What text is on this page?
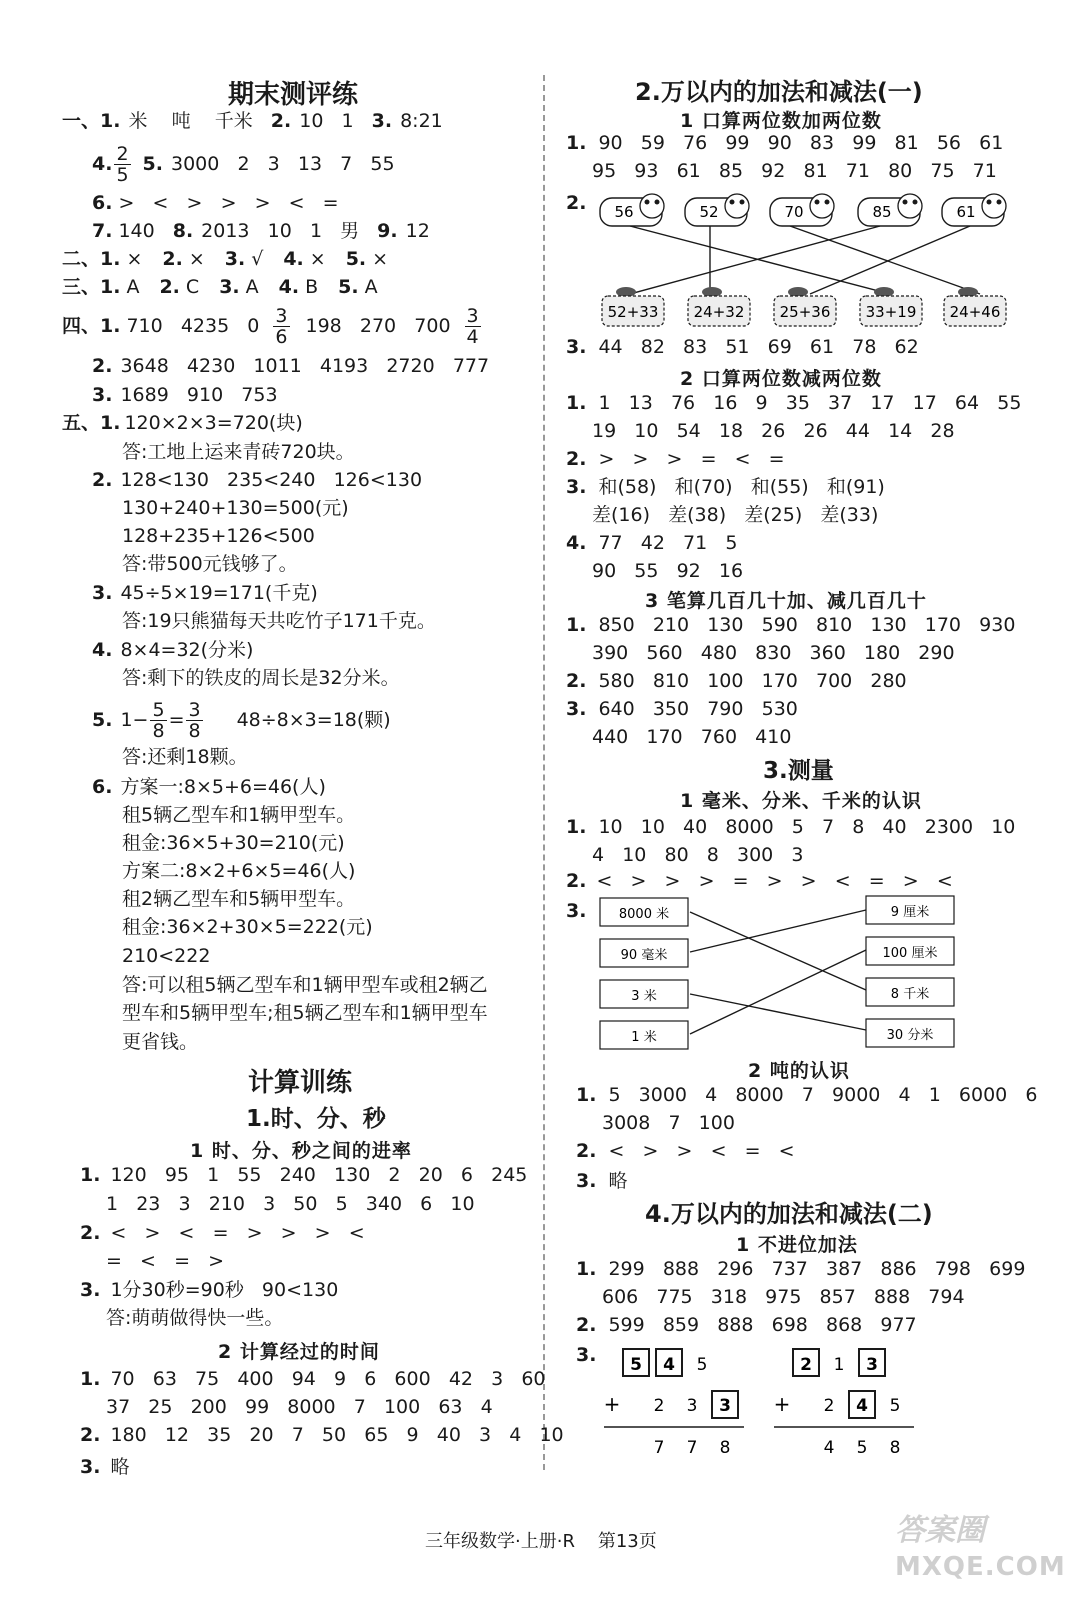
期末测评练
一、1. 米    吨    千米 2. 10   1 3. 8:21
4. $\frac{2}{5} 5$. 3000   2   3   13   7   55
6. >   <   >   >   >   <   =
7. 140 8. 2013   10   1   男 9. 12
二、1. × 2. × 3. √ 4. × 5. ×
三、1. A 2. C 3. A 4. B 5. A
四、1. 710   4235   $0 \frac{3}{6} 198$   270   $700 \frac{3}{4}$
2. 3648   4230   1011   4193   2720   777
3. 1689   910   753
五、1. 120×2×3=720(块)
答:工地上运来青砖720块。
2. 128<130   235<240   126<130
130+240+130=500(元)
128+235+126<500
答:带500元钱够了。
3. 45÷5×19=171(千克)
答:19只熊猫每天共吃竹子171千克。
4. 8×4=32(分米)
答:剩下的铁皮的周长是32分米。
5. $1- \frac{5}{8} = \frac{3}{8} 48\div 8\times 3=18$(颗)
答:还剩18颗。
6. 方案一:8×5+6=46(人)
租5辆乙型车和1辆甲型车。
租金:36×5+30=210(元)
方案二:8×2+6×5=46(人)
租2辆乙型车和5辆甲型车。
租金:36×2+30×5=222(元)
210<222
答:可以租5辆乙型车和1辆甲型车或租2辆乙
型车和5辆甲型车;租5辆乙型车和1辆甲型车
更省钱。
计算训练
1.时、分、秒
1 时、分、秒之间的进率
1. 120   95   1   55   240   130   2   20   6   245
1   23   3   210   3   50   5   340   6   10
2. <   >   <   =   >   >   >   <
=   <   =   >
3. 1分30秒=90秒   90<130
答:萌萌做得快一些。
2 计算经过的时间
1. 70   63   75   400   94   9   6   600   42   3   60
37   25   200   99   8000   7   100   63   4
2. 180   12   35   20   7   50   65   9   40   3   4   10
3. 略
2.万以内的加法和减法(一)
1 口算两位数加两位数
1. 90   59   76   99   90   83   99   81   56   61
95   93   61   85   92   81   71   80   75   71
2. 56	52	70	85	61
52+33 24+32 25+36 33+19 24+46
3. 44   82   83   51   69   61   78   62
2 口算两位数减两位数
1. 1   13   76   16   9   35   37   17   17   64   55
19   10   54   18   26   26   44   14   28
2. >   >   >   =   <   =
3. 和(58)   和(70)   和(55)   和(91)
差(16)   差(38)   差(25)   差(33)
4. 77   42   71   5
90   55   92   16
3 笔算几百几十加、减几百几十
1. 850   210   130   590   810   130   170   930
390   560   480   830   360   180   290
2. 580   810   100   170   700   280
3. 640   350   790   530
440   170   760   410
3.测量
1 毫米、分米、千米的认识
1. 10   10   40   8000   5   7   8   40   2300   10
4   10   80   8   300   3
2. <   >   >   >   =   >   >   <   =   >   <
3. 8000 米
90 毫米
3 米
1 米
9 厘米
100 厘米
8 千米
30 分米
2 吨的认识
1. 5   3000   4   8000   7   9000   4   1   6000   6
3008   7   100
2. <   >   >   <   =   <
3. 略
4.万以内的加法和减法(二)
1 不进位加法
1. 299   888   296   737   387   886   798   699
606   775   318   975   857   888   794
2. 599   859   888   698   868   977
3. 5 4 5
+ 2 3 3
7 7 8
2 1 3
+ 2 4 5
4 5 8
三年级数学·上册·R    第13页	答案圈
MXQE.COM
